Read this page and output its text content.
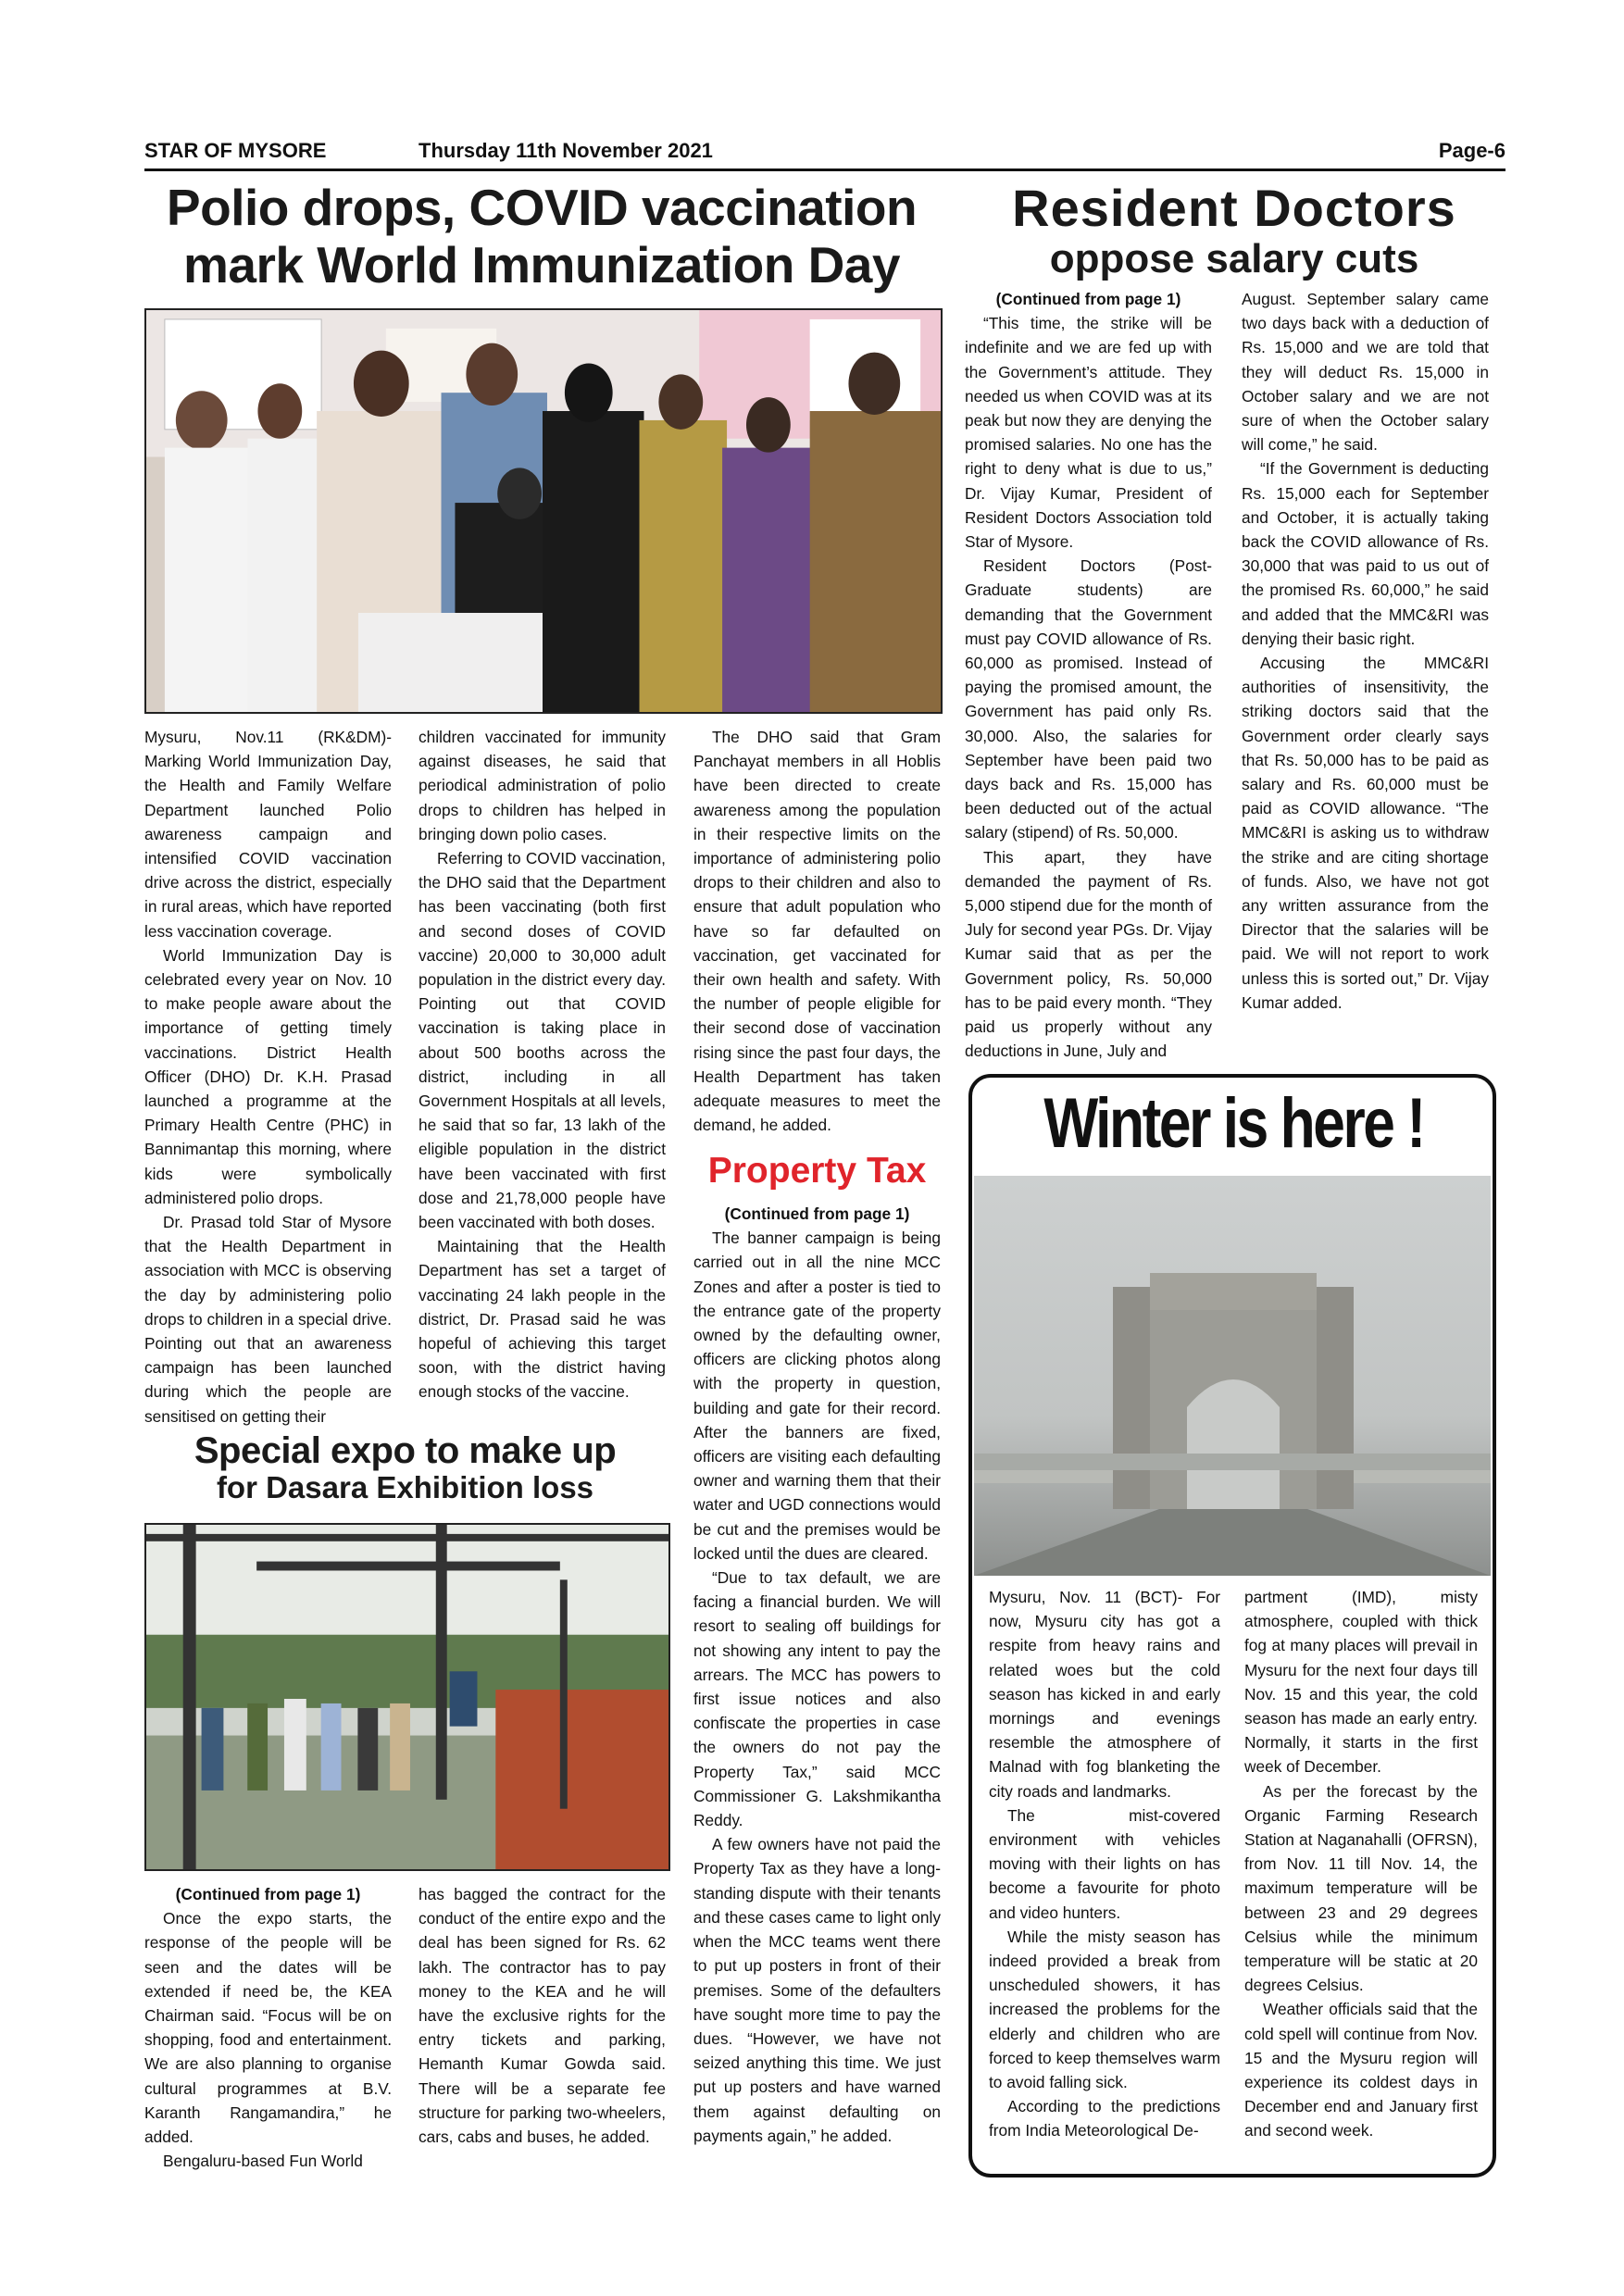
STAR OF MYSORE	Thursday 11th November 2021	Page-6
Polio drops, COVID vaccination
mark World Immunization Day

Mysuru, Nov.11 (RK&DM)- Marking World Immunization Day, the Health and Family Welfare Department launched Polio awareness campaign and intensified COVID vaccination drive across the district, especially in rural areas, which have reported less vaccination coverage.

World Immunization Day is celebrated every year on Nov. 10 to make people aware about the importance of getting timely vaccinations. District Health Officer (DHO) Dr. K.H. Prasad launched a programme at the Primary Health Centre (PHC) in Bannimantap this morning, where kids were symbolically administered polio drops.

Dr. Prasad told Star of Mysore that the Health Department in association with MCC is observing the day by administering polio drops to children in a special drive. Pointing out that an awareness campaign has been launched during which the people are sensitised on getting their

children vaccinated for immunity against diseases, he said that periodical administration of polio drops to children has helped in bringing down polio cases.

Referring to COVID vaccination, the DHO said that the Department has been vaccinating (both first and second doses of COVID vaccine) 20,000 to 30,000 adult population in the district every day. Pointing out that COVID vaccination is taking place in about 500 booths across the district, including in all Government Hospitals at all levels, he said that so far, 13 lakh of the eligible population in the district have been vaccinated with first dose and 21,78,000 people have been vaccinated with both doses.

Maintaining that the Health Department has set a target of vaccinating 24 lakh people in the district, Dr. Prasad said he was hopeful of achieving this target soon, with the district having enough stocks of the vaccine.

The DHO said that Gram Panchayat members in all Hoblis have been directed to create awareness among the population in their respective limits on the importance of administering polio drops to their children and also to ensure that adult population who have so far defaulted on vaccination, get vaccinated for their own health and safety. With the number of people eligible for their second dose of vaccination rising since the past four days, the Health Department has taken adequate measures to meet the demand, he added.

Property Tax

(Continued from page 1)

The banner campaign is being carried out in all the nine MCC Zones and after a poster is tied to the entrance gate of the property owned by the defaulting owner, officers are clicking photos along with the property in question, building and gate for their record. After the banners are fixed, officers are visiting each defaulting owner and warning them that their water and UGD connections would be cut and the premises would be locked until the dues are cleared.

“Due to tax default, we are facing a financial burden. We will resort to sealing off buildings for not showing any intent to pay the arrears. The MCC has powers to first issue notices and also confiscate the properties in case the owners do not pay the Property Tax,” said MCC Commissioner G. Lakshmikantha Reddy.

A few owners have not paid the Property Tax as they have a long-standing dispute with their tenants and these cases came to light only when the MCC teams went there to put up posters in front of their premises. Some of the defaulters have sought more time to pay the dues. “However, we have not seized anything this time. We just put up posters and have warned them against defaulting on payments again,” he added.

Special expo to make up
for Dasara Exhibition loss

(Continued from page 1)

Once the expo starts, the response of the people will be seen and the dates will be extended if need be, the KEA Chairman said. “Focus will be on shopping, food and entertainment. We are also planning to organise cultural programmes at B.V. Karanth Rangamandira,” he added.

Bengaluru-based Fun World

has bagged the contract for the conduct of the entire expo and the deal has been signed for Rs. 62 lakh. The contractor has to pay money to the KEA and he will have the exclusive rights for the entry tickets and parking, Hemanth Kumar Gowda said. There will be a separate fee structure for parking two-wheelers, cars, cabs and buses, he added.

Resident Doctors
oppose salary cuts

(Continued from page 1)

“This time, the strike will be indefinite and we are fed up with the Government’s attitude. They needed us when COVID was at its peak but now they are denying the promised salaries. No one has the right to deny what is due to us,” Dr. Vijay Kumar, President of Resident Doctors Association told Star of Mysore.

Resident Doctors (Post-Graduate students) are demanding that the Government must pay COVID allowance of Rs. 60,000 as promised. Instead of paying the promised amount, the Government has paid only Rs. 30,000. Also, the salaries for September have been paid two days back and Rs. 15,000 has been deducted out of the actual salary (stipend) of Rs. 50,000.

This apart, they have demanded the payment of Rs. 5,000 stipend due for the month of July for second year PGs. Dr. Vijay Kumar said that as per the Government policy, Rs. 50,000 has to be paid every month. “They paid us properly without any deductions in June, July and

August. September salary came two days back with a deduction of Rs. 15,000 and we are told that they will deduct Rs. 15,000 in October salary and we are not sure of when the October salary will come,” he said.

“If the Government is deducting Rs. 15,000 each for September and October, it is actually taking back the COVID allowance of Rs. 30,000 that was paid to us out of the promised Rs. 60,000,” he said and added that the MMC&RI was denying their basic right.

Accusing the MMC&RI authorities of insensitivity, the striking doctors said that the Government order clearly says that Rs. 50,000 has to be paid as salary and Rs. 60,000 must be paid as COVID allowance. “The MMC&RI is asking us to withdraw the strike and are citing shortage of funds. Also, we have not got any written assurance from the Director that the salaries will be paid. We will not report to work unless this is sorted out,” Dr. Vijay Kumar added.

Winter is here !

Mysuru, Nov. 11 (BCT)- For now, Mysuru city has got a respite from heavy rains and related woes but the cold season has kicked in and early mornings and evenings resemble the atmosphere of Malnad with fog blanketing the city roads and landmarks.

The mist-covered environment with vehicles moving with their lights on has become a favourite for photo and video hunters.

While the misty season has indeed provided a break from unscheduled showers, it has increased the problems for the elderly and children who are forced to keep themselves warm to avoid falling sick.

According to the predictions from India Meteorological De-

partment (IMD), misty atmosphere, coupled with thick fog at many places will prevail in Mysuru for the next four days till Nov. 15 and this year, the cold season has made an early entry. Normally, it starts in the first week of December.

As per the forecast by the Organic Farming Research Station at Naganahalli (OFRSN), from Nov. 11 till Nov. 14, the maximum temperature will be between 23 and 29 degrees Celsius while the minimum temperature will be static at 20 degrees Celsius.

Weather officials said that the cold spell will continue from Nov. 15 and the Mysuru region will experience its coldest days in December end and January first and second week.
